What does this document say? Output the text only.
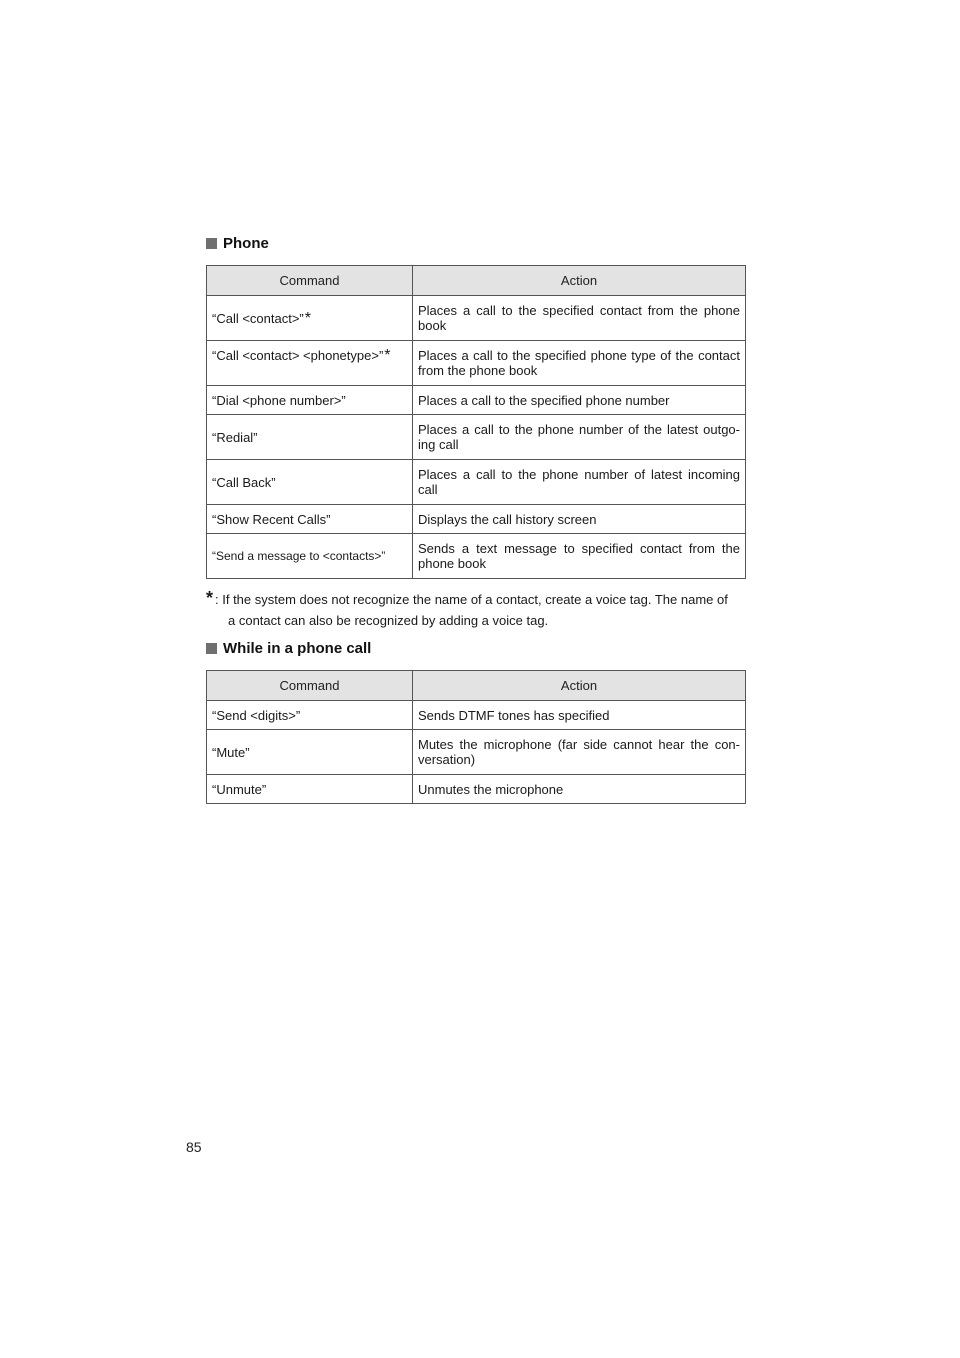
Phone
Command	Action

“Call <contact>”*	Places a call to the specified contact from the phone book

“Call <contact> <phonetype>”*	Places a call to the specified phone type of the contact from the phone book
“Dial <phone number>”	Places a call to the specified phone number

“Redial”	Places a call to the phone number of the latest outgo-ing call

“Call Back”	Places a call to the phone number of latest incoming call
“Show Recent Calls”	Displays the call history screen

“Send a message to <contacts>”	Sends a text message to specified contact from the phone book
* : If the system does not recognize the name of a contact, create a voice tag. The name of
a contact can also be recognized by adding a voice tag.
While in a phone call
Command	Action
“Send <digits>”	Sends DTMF tones has specified

“Mute”	Mutes the microphone (far side cannot hear the con-versation)
“Unmute”	Unmutes the microphone
85
